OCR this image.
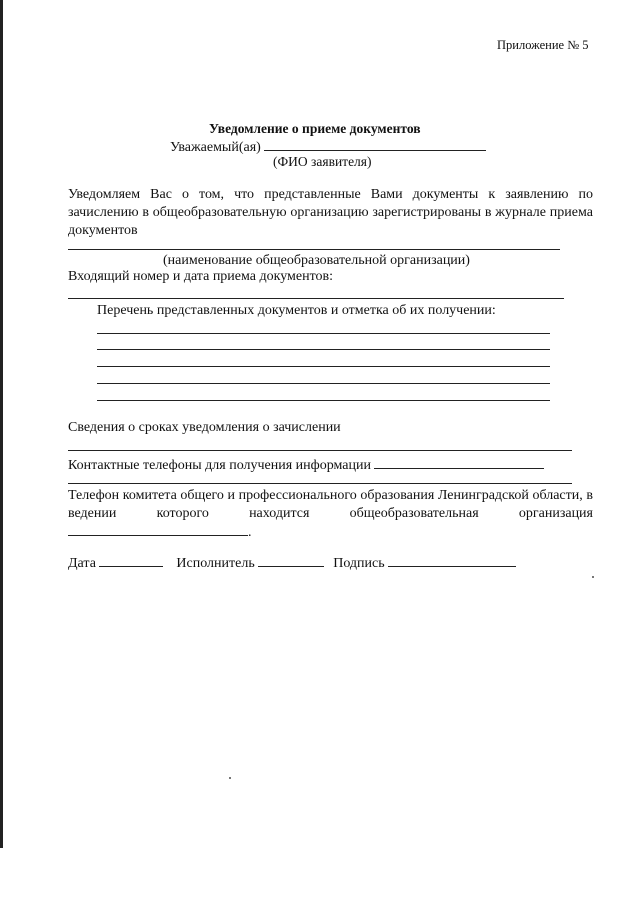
Приложение № 5
Уведомление о приеме документов
Уважаемый(ая)
(ФИО заявителя)
Уведомляем Вас о том, что представленные Вами документы к заявлению по зачислению в общеобразовательную организацию зарегистрированы в журнале приема документов
(наименование общеобразовательной организации)
Входящий номер и дата приема документов:
Перечень представленных документов и отметка об их получении:
Сведения о сроках уведомления о зачислении
Контактные телефоны для получения информации
Телефон комитета общего и профессионального образования Ленинградской области, в ведении которого находится общеобразовательная организация.
Дата	Исполнитель	Подпись
